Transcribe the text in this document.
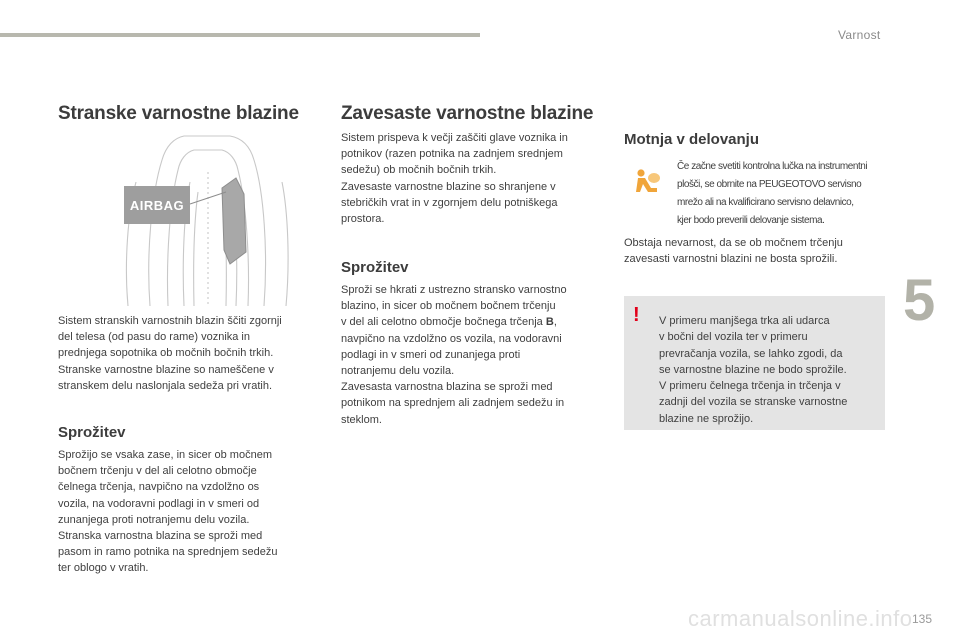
Varnost
5
carmanualsonline.info 135
Stranske varnostne blazine
AIRBAG

Sistem stranskih varnostnih blazin ščiti zgornji
del telesa (od pasu do rame) voznika in
prednjega sopotnika ob močnih bočnih trkih.
Stranske varnostne blazine so nameščene v
stranskem delu naslonjala sedeža pri vratih.

Sprožitev

Sprožijo se vsaka zase, in sicer ob močnem
bočnem trčenju v del ali celotno območje
čelnega trčenja, navpično na vzdolžno os
vozila, na vodoravni podlagi in v smeri od
zunanjega proti notranjemu delu vozila.
Stranska varnostna blazina se sproži med
pasom in ramo potnika na sprednjem sedežu
ter oblogo v vratih.

Zavesaste varnostne blazine

Sistem prispeva k večji zaščiti glave voznika in
potnikov (razen potnika na zadnjem srednjem
sedežu) ob močnih bočnih trkih.
Zavesaste varnostne blazine so shranjene v
stebričkih vrat in v zgornjem delu potniškega
prostora.

Sprožitev

Sproži se hkrati z ustrezno stransko varnostno
blazino, in sicer ob močnem bočnem trčenju
v del ali celotno območje bočnega trčenja B,
navpično na vzdolžno os vozila, na vodoravni
podlagi in v smeri od zunanjega proti
notranjemu delu vozila.
Zavesasta varnostna blazina se sproži med
potnikom na sprednjem ali zadnjem sedežu in
steklom.

Motnja v delovanju
Če začne svetiti kontrolna lučka na instrumentni
plošči, se obrnite na PEUGEOTOVO servisno
mrežo ali na kvalificirano servisno delavnico,
kjer bodo preverili delovanje sistema.

Obstaja nevarnost, da se ob močnem trčenju
zavesasti varnostni blazini ne bosta sprožili.

!	V primeru manjšega trka ali udarca
v bočni del vozila ter v primeru
prevračanja vozila, se lahko zgodi, da
se varnostne blazine ne bodo sprožile.
V primeru čelnega trčenja in trčenja v
zadnji del vozila se stranske varnostne
blazine ne sprožijo.
